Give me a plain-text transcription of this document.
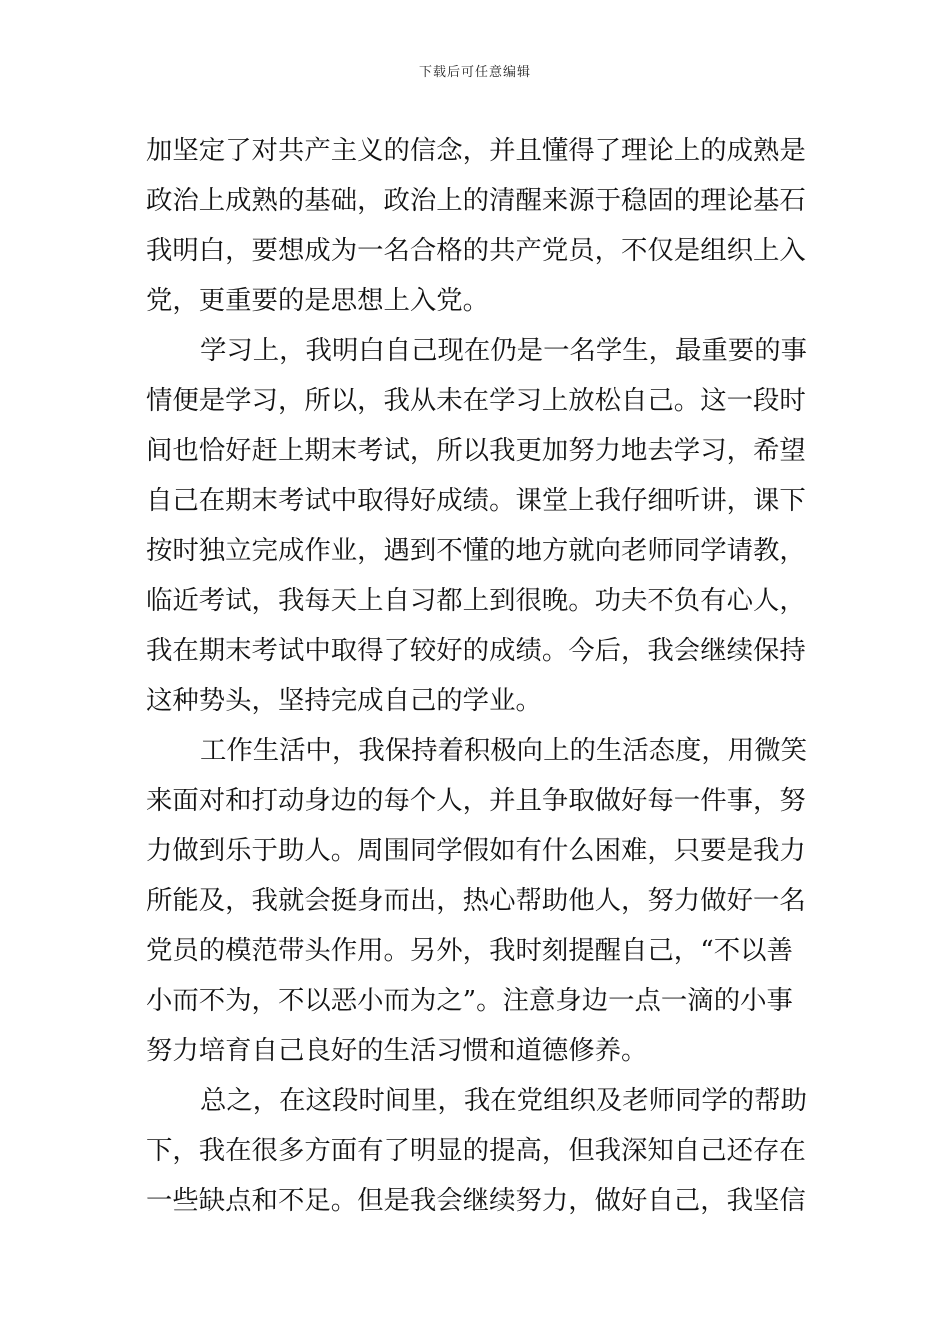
下载后可任意编辑
加坚定了对共产主义的信念，并且懂得了理论上的成熟是
政治上成熟的基础，政治上的清醒来源于稳固的理论基石
我明白，要想成为一名合格的共产党员，不仅是组织上入
党，更重要的是思想上入党。
学习上，我明白自己现在仍是一名学生，最重要的事
情便是学习，所以，我从未在学习上放松自己。这一段时
间也恰好赶上期末考试，所以我更加努力地去学习，希望
自己在期末考试中取得好成绩。课堂上我仔细听讲，课下
按时独立完成作业，遇到不懂的地方就向老师同学请教，
临近考试，我每天上自习都上到很晚。功夫不负有心人，
我在期末考试中取得了较好的成绩。今后，我会继续保持
这种势头，坚持完成自己的学业。
工作生活中，我保持着积极向上的生活态度，用微笑
来面对和打动身边的每个人，并且争取做好每一件事，努
力做到乐于助人。周围同学假如有什么困难，只要是我力
所能及，我就会挺身而出，热心帮助他人，努力做好一名
党员的模范带头作用。另外，我时刻提醒自己，“不以善
小而不为，不以恶小而为之”。注意身边一点一滴的小事
努力培育自己良好的生活习惯和道德修养。
总之，在这段时间里，我在党组织及老师同学的帮助
下，我在很多方面有了明显的提高，但我深知自己还存在
一些缺点和不足。但是我会继续努力，做好自己，我坚信
